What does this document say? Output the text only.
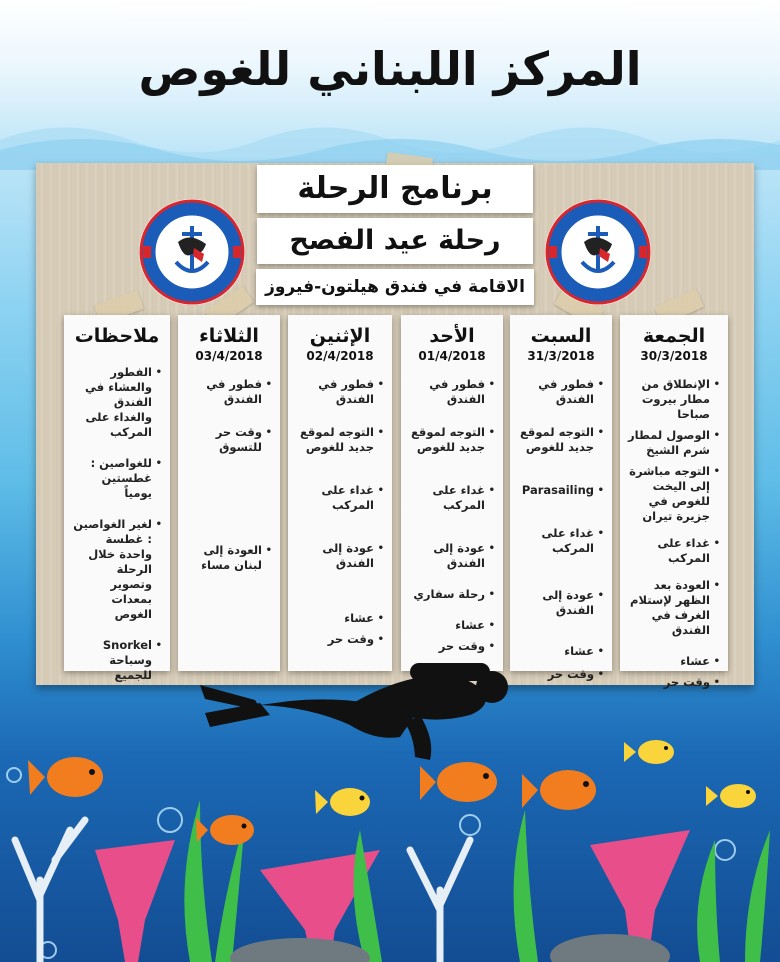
المركز اللبناني للغوص
برنامج الرحلة
رحلة عيد الفصح
الاقامة في فندق هيلتون-فيروز
الجمعة
30/3/2018
• الإنطلاق من مطار بيروت صباحا
• الوصول لمطار شرم الشيخ
• التوجه مباشرة إلى اليخت للغوص في جزيرة تيران
• غداء على المركب
• العودة بعد الظهر لإستلام الغرف في الفندق
• عشاء
• وقت حر
السبت
31/3/2018
• فطور في الفندق
• التوجه لموقع جديد للغوص
• Parasailing
• غداء على المركب
• عودة إلى الفندق
• عشاء
• وقت حر
الأحد
01/4/2018
• فطور في الفندق
• التوجه لموقع جديد للغوص
• غداء على المركب
• عودة إلى الفندق
• رحلة سفاري
• عشاء
• وقت حر
الإثنين
02/4/2018
• فطور في الفندق
• التوجه لموقع جديد للغوص
• غداء على المركب
• عودة إلى الفندق
• عشاء
• وقت حر
الثلاثاء
03/4/2018
• فطور في الفندق
• وقت حر للتسوق
• العودة إلى لبنان مساء
ملاحظات
• الفطور والعشاء في الفندق والغداء على المركب
• للغواصين : غطستين يومياً
• لغير الغواصين : غطسة واحدة خلال الرحلة وتصوير بمعدات الغوص
• Snorkel وسباحة للجميع
